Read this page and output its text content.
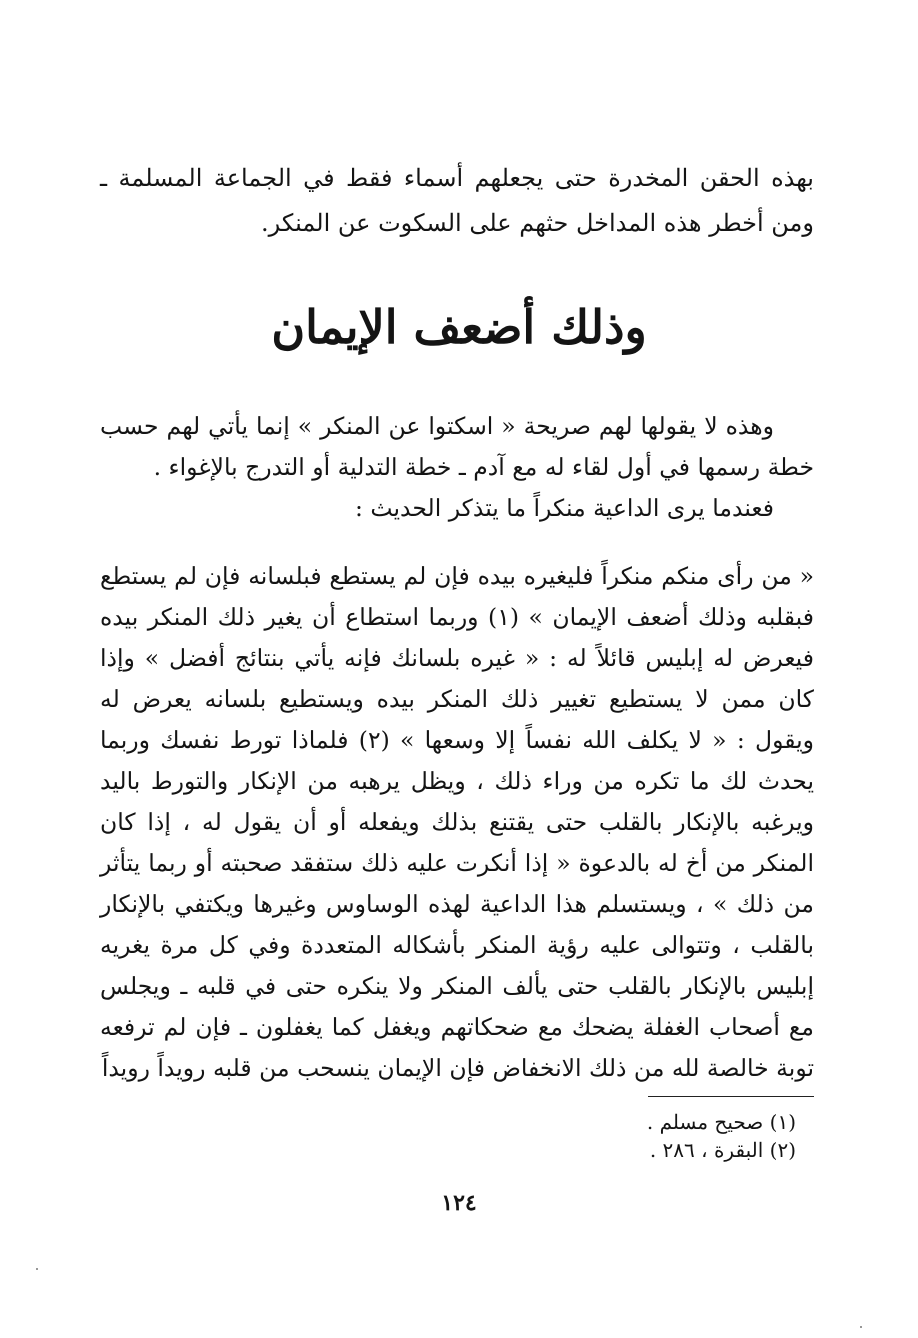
بهذه الحقن المخدرة حتى يجعلهم أسماء فقط في الجماعة المسلمة ـ ومن أخطر هذه المداخل حثهم على السكوت عن المنكر.

وذلك أضعف الإيمان

وهذه لا يقولها لهم صريحة « اسكتوا عن المنكر » إنما يأتي لهم حسب خطة رسمها في أول لقاء له مع آدم ـ خطة التدلية أو التدرج بالإغواء .

فعندما يرى الداعية منكراً ما يتذكر الحديث :

« من رأى منكم منكراً فليغيره بيده فإن لم يستطع فبلسانه فإن لم يستطع فبقلبه وذلك أضعف الإيمان » (١) وربما استطاع أن يغير ذلك المنكر بيده فيعرض له إبليس قائلاً له : « غيره بلسانك فإنه يأتي بنتائج أفضل » وإذا كان ممن لا يستطيع تغيير ذلك المنكر بيده ويستطيع بلسانه يعرض له ويقول : « لا يكلف الله نفساً إلا وسعها » (٢) فلماذا تورط نفسك وربما يحدث لك ما تكره من وراء ذلك ، ويظل يرهبه من الإنكار والتورط باليد ويرغبه بالإنكار بالقلب حتى يقتنع بذلك ويفعله أو أن يقول له ، إذا كان المنكر من أخ له بالدعوة « إذا أنكرت عليه ذلك ستفقد صحبته أو ربما يتأثر من ذلك » ، ويستسلم هذا الداعية لهذه الوساوس وغيرها ويكتفي بالإنكار بالقلب ، وتتوالى عليه رؤية المنكر بأشكاله المتعددة وفي كل مرة يغريه إبليس بالإنكار بالقلب حتى يألف المنكر ولا ينكره حتى في قلبه ـ ويجلس مع أصحاب الغفلة يضحك مع ضحكاتهم ويغفل كما يغفلون ـ فإن لم ترفعه توبة خالصة لله من ذلك الانخفاض فإن الإيمان ينسحب من قلبه رويداً رويداً

(١) صحيح مسلم .

(٢) البقرة ، ٢٨٦ .

١٢٤
